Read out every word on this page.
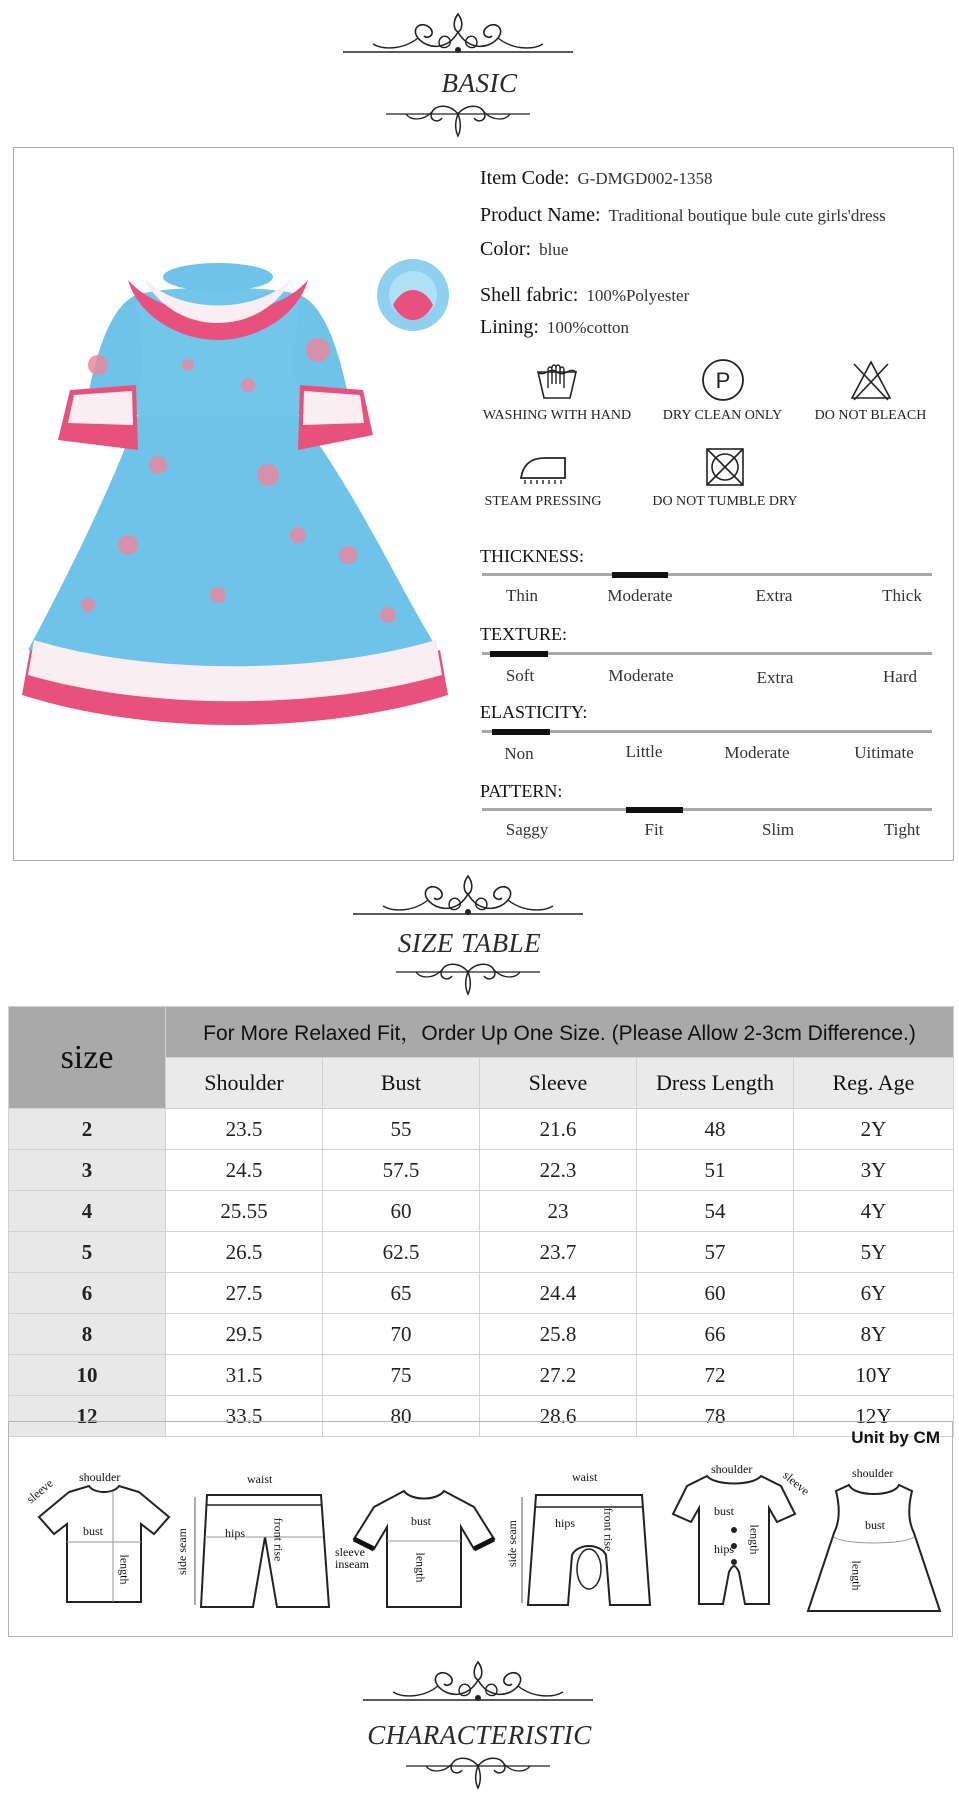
BASIC
Item Code: G-DMGD002-1358
Product Name: Traditional boutique bule cute girls'dress
Color: blue
Shell fabric: 100%Polyester
Lining: 100%cotton
WASHING WITH HAND
P
DRY CLEAN ONLY	DO NOT BLEACH
STEAM PRESSING	DO NOT TUMBLE DRY
THICKNESS:
Thin	Moderate	Extra	Thick
TEXTURE:
Soft	Moderate	Extra	Hard
ELASTICITY:
Non	Little	Moderate	Uitimate
PATTERN:
Saggy	Fit	Slim	Tight
SIZE TABLE
size	For More Relaxed Fit，Order Up One Size. (Please Allow 2-3cm Difference.)				
	Shoulder	Bust	Sleeve	Dress Length	Reg. Age
2	23.5	55	21.6	48	2Y
3	24.5	57.5	22.3	51	3Y
4	25.55	60	23	54	4Y
5	26.5	62.5	23.7	57	5Y
6	27.5	65	24.4	60	6Y
8	29.5	70	25.8	66	8Y
10	31.5	75	27.2	72	10Y
12	33.5	80	28.6	78	12Y
Unit by CM
shoulder
sleeve
bust
length
waist
hips front rise
side seam
bust
sleeve inseam	length
waist
hips front rise
side seam
shoulder sleeve
bust
hips length
shoulder
bust
length
CHARACTERISTIC
